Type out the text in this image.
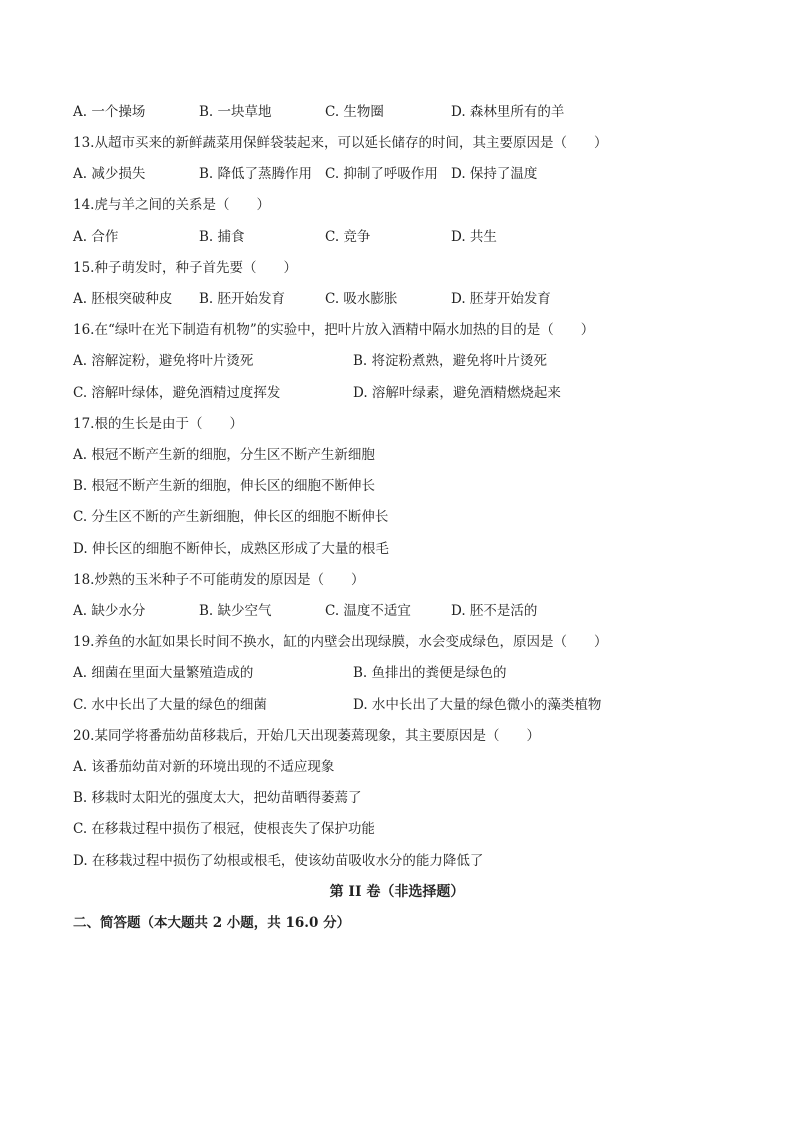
A. 一个操场	B. 一块草地	C. 生物圈	D. 森林里所有的羊
13.从超市买来的新鲜蔬菜用保鲜袋装起来，可以延长储存的时间，其主要原因是（　　）
A. 减少损失	B. 降低了蒸腾作用 C. 抑制了呼吸作用 D. 保持了温度
14.虎与羊之间的关系是（　　）
A. 合作	B. 捕食	C. 竞争	D. 共生
15.种子萌发时，种子首先要（　　）
A. 胚根突破种皮	B. 胚开始发育	C. 吸水膨胀	D. 胚芽开始发育
16.在“绿叶在光下制造有机物”的实验中，把叶片放入酒精中隔水加热的目的是（　　）
A. 溶解淀粉，避免将叶片烫死	B. 将淀粉煮熟，避免将叶片烫死
C. 溶解叶绿体，避免酒精过度挥发	D. 溶解叶绿素，避免酒精燃烧起来
17.根的生长是由于（　　）
A. 根冠不断产生新的细胞，分生区不断产生新细胞
B. 根冠不断产生新的细胞，伸长区的细胞不断伸长
C. 分生区不断的产生新细胞，伸长区的细胞不断伸长
D. 伸长区的细胞不断伸长，成熟区形成了大量的根毛
18.炒熟的玉米种子不可能萌发的原因是（　　）
A. 缺少水分	B. 缺少空气	C. 温度不适宜	D. 胚不是活的
19.养鱼的水缸如果长时间不换水，缸的内壁会出现绿膜，水会变成绿色，原因是（　　）
A. 细菌在里面大量繁殖造成的	B. 鱼排出的粪便是绿色的
C. 水中长出了大量的绿色的细菌	D. 水中长出了大量的绿色微小的藻类植物
20.某同学将番茄幼苗移栽后，开始几天出现萎蔫现象，其主要原因是（　　）
A. 该番茄幼苗对新的环境出现的不适应现象
B. 移栽时太阳光的强度太大，把幼苗晒得萎蔫了
C. 在移栽过程中损伤了根冠，使根丧失了保护功能
D. 在移栽过程中损伤了幼根或根毛，使该幼苗吸收水分的能力降低了
第 II 卷（非选择题）
二、简答题（本大题共 2 小题，共 16.0 分）
